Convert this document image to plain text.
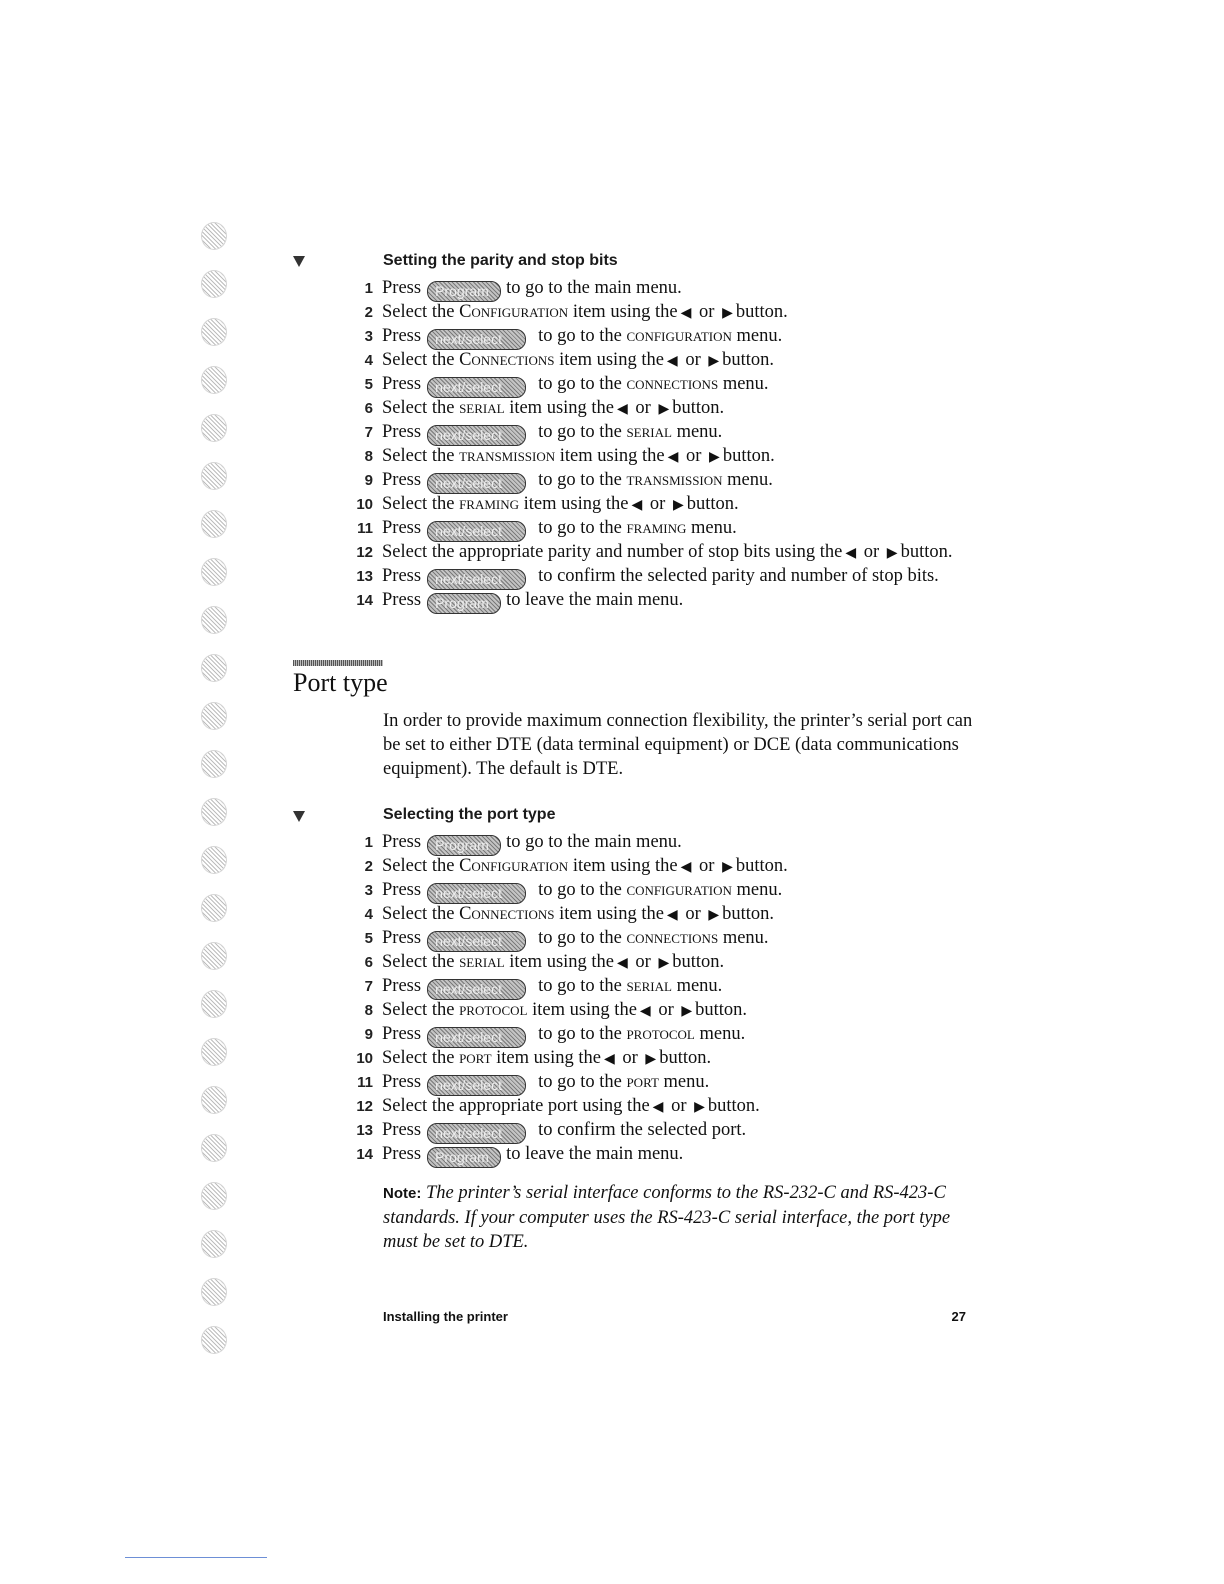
Setting the parity and stop bits
1 Press Program to go to the main menu.
2 Select the Configuration item using the ◀ or ▶ button.
3 Press next/select to go to the configuration menu.
4 Select the Connections item using the ◀ or ▶ button.
5 Press next/select to go to the connections menu.
6 Select the serial item using the ◀ or ▶ button.
7 Press next/select to go to the serial menu.
8 Select the transmission item using the ◀ or ▶ button.
9 Press next/select to go to the transmission menu.
10 Select the framing item using the ◀ or ▶ button.
11 Press next/select to go to the framing menu.
12 Select the appropriate parity and number of stop bits using the ◀ or ▶ button.
13 Press next/select to confirm the selected parity and number of stop bits.
14 Press Program to leave the main menu.
Port type
In order to provide maximum connection flexibility, the printer’s serial port can be set to either DTE (data terminal equipment) or DCE (data communications equipment). The default is DTE.
Selecting the port type
1 Press Program to go to the main menu.
2 Select the Configuration item using the ◀ or ▶ button.
3 Press next/select to go to the configuration menu.
4 Select the Connections item using the ◀ or ▶ button.
5 Press next/select to go to the connections menu.
6 Select the serial item using the ◀ or ▶ button.
7 Press next/select to go to the serial menu.
8 Select the protocol item using the ◀ or ▶ button.
9 Press next/select to go to the protocol menu.
10 Select the port item using the ◀ or ▶ button.
11 Press next/select to go to the port menu.
12 Select the appropriate port using the ◀ or ▶ button.
13 Press next/select to confirm the selected port.
14 Press Program to leave the main menu.
Note: The printer’s serial interface conforms to the RS-232-C and RS-423-C standards. If your computer uses the RS-423-C serial interface, the port type must be set to DTE.
Installing the printer	27
